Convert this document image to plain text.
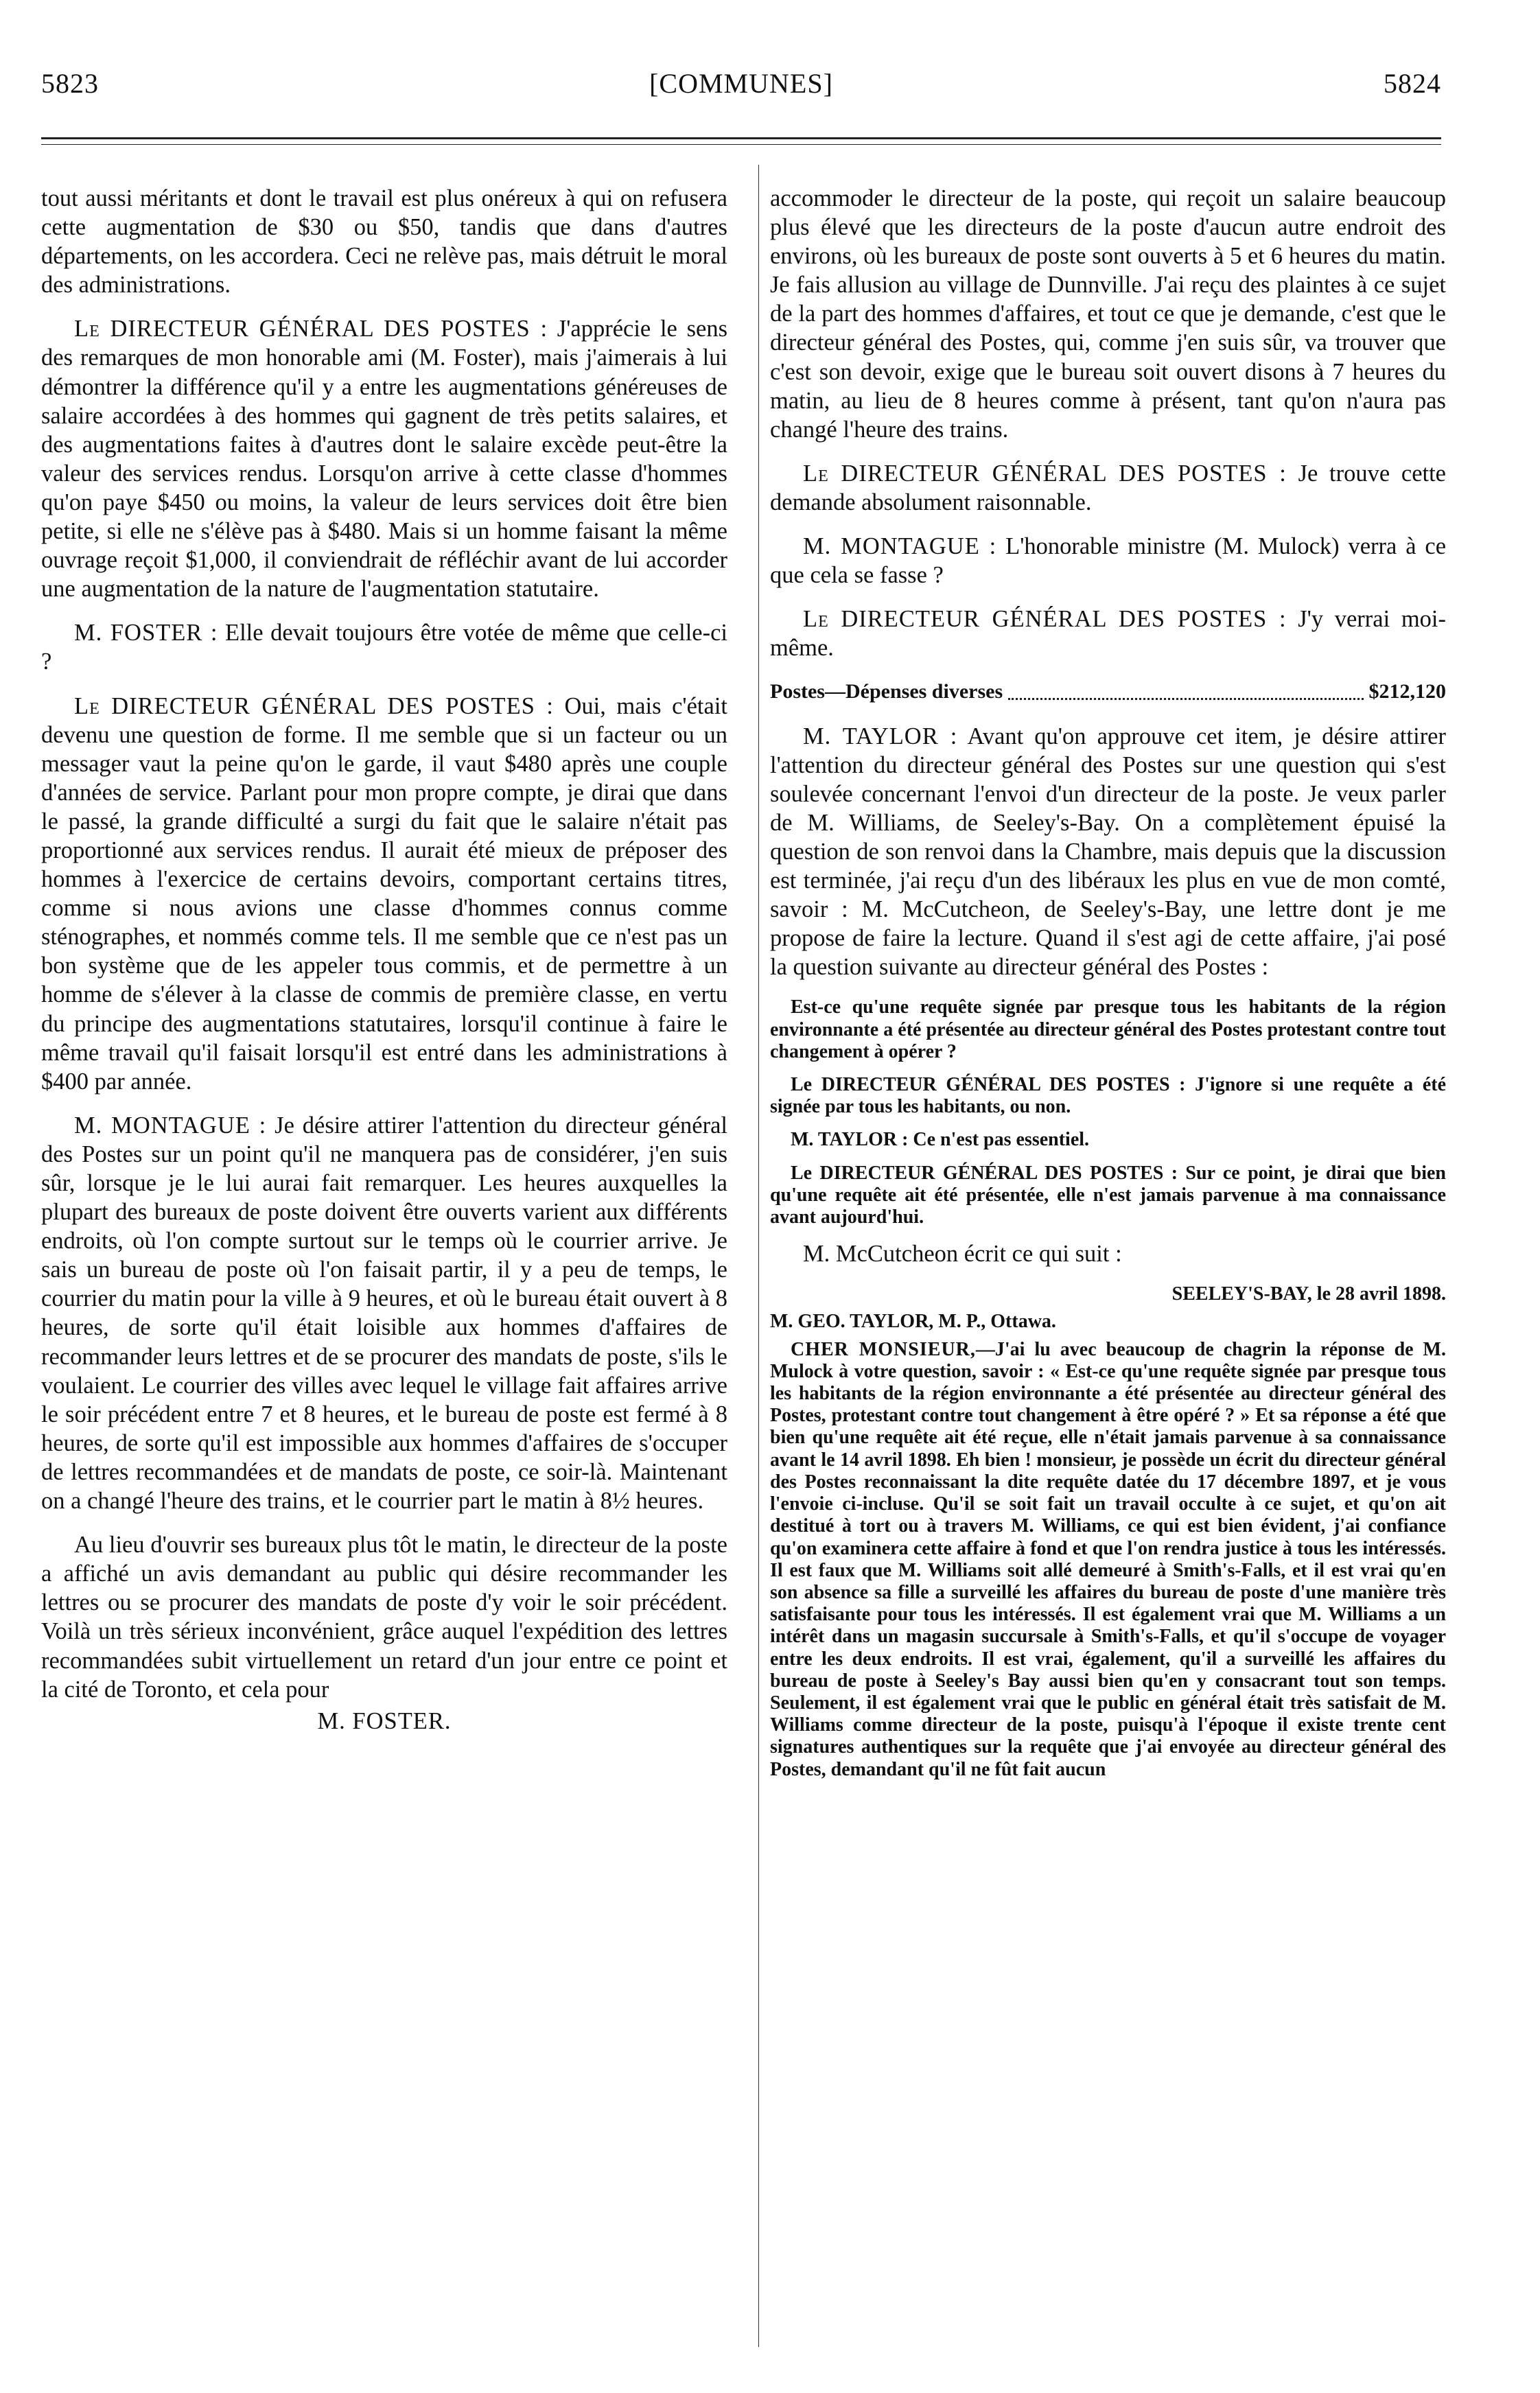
5823	[COMMUNES]	5824

tout aussi méritants et dont le travail est plus onéreux à qui on refusera cette augmentation de $30 ou $50, tandis que dans d'autres départements, on les accordera. Ceci ne relève pas, mais détruit le moral des administrations.

Le DIRECTEUR GÉNÉRAL DES POSTES : J'apprécie le sens des remarques de mon honorable ami (M. Foster), mais j'aimerais à lui démontrer la différence qu'il y a entre les augmentations généreuses de salaire accordées à des hommes qui gagnent de très petits salaires, et des augmentations faites à d'autres dont le salaire excède peut-être la valeur des services rendus. Lorsqu'on arrive à cette classe d'hommes qu'on paye $450 ou moins, la valeur de leurs services doit être bien petite, si elle ne s'élève pas à $480. Mais si un homme faisant la même ouvrage reçoit $1,000, il conviendrait de réfléchir avant de lui accorder une augmentation de la nature de l'augmentation statutaire.

M. FOSTER : Elle devait toujours être votée de même que celle-ci ?

Le DIRECTEUR GÉNÉRAL DES POSTES : Oui, mais c'était devenu une question de forme. Il me semble que si un facteur ou un messager vaut la peine qu'on le garde, il vaut $480 après une couple d'années de service. Parlant pour mon propre compte, je dirai que dans le passé, la grande difficulté a surgi du fait que le salaire n'était pas proportionné aux services rendus. Il aurait été mieux de préposer des hommes à l'exercice de certains devoirs, comportant certains titres, comme si nous avions une classe d'hommes connus comme sténographes, et nommés comme tels. Il me semble que ce n'est pas un bon système que de les appeler tous commis, et de permettre à un homme de s'élever à la classe de commis de première classe, en vertu du principe des augmentations statutaires, lorsqu'il continue à faire le même travail qu'il faisait lorsqu'il est entré dans les administrations à $400 par année.

M. MONTAGUE : Je désire attirer l'attention du directeur général des Postes sur un point qu'il ne manquera pas de considérer, j'en suis sûr, lorsque je le lui aurai fait remarquer. Les heures auxquelles la plupart des bureaux de poste doivent être ouverts varient aux différents endroits, où l'on compte surtout sur le temps où le courrier arrive. Je sais un bureau de poste où l'on faisait partir, il y a peu de temps, le courrier du matin pour la ville à 9 heures, et où le bureau était ouvert à 8 heures, de sorte qu'il était loisible aux hommes d'affaires de recommander leurs lettres et de se procurer des mandats de poste, s'ils le voulaient. Le courrier des villes avec lequel le village fait affaires arrive le soir précédent entre 7 et 8 heures, et le bureau de poste est fermé à 8 heures, de sorte qu'il est impossible aux hommes d'affaires de s'occuper de lettres recommandées et de mandats de poste, ce soir-là. Maintenant on a changé l'heure des trains, et le courrier part le matin à 8½ heures.

Au lieu d'ouvrir ses bureaux plus tôt le matin, le directeur de la poste a affiché un avis demandant au public qui désire recommander les lettres ou se procurer des mandats de poste d'y voir le soir précédent. Voilà un très sérieux inconvénient, grâce auquel l'expédition des lettres recommandées subit virtuellement un retard d'un jour entre ce point et la cité de Toronto, et cela pour

M. FOSTER.

accommoder le directeur de la poste, qui reçoit un salaire beaucoup plus élevé que les directeurs de la poste d'aucun autre endroit des environs, où les bureaux de poste sont ouverts à 5 et 6 heures du matin. Je fais allusion au village de Dunnville. J'ai reçu des plaintes à ce sujet de la part des hommes d'affaires, et tout ce que je demande, c'est que le directeur général des Postes, qui, comme j'en suis sûr, va trouver que c'est son devoir, exige que le bureau soit ouvert disons à 7 heures du matin, au lieu de 8 heures comme à présent, tant qu'on n'aura pas changé l'heure des trains.

Le DIRECTEUR GÉNÉRAL DES POSTES : Je trouve cette demande absolument raisonnable.

M. MONTAGUE : L'honorable ministre (M. Mulock) verra à ce que cela se fasse ?

Le DIRECTEUR GÉNÉRAL DES POSTES : J'y verrai moi-même.

Postes—Dépenses diverses	$212,120

M. TAYLOR : Avant qu'on approuve cet item, je désire attirer l'attention du directeur général des Postes sur une question qui s'est soulevée concernant l'envoi d'un directeur de la poste. Je veux parler de M. Williams, de Seeley's-Bay. On a complètement épuisé la question de son renvoi dans la Chambre, mais depuis que la discussion est terminée, j'ai reçu d'un des libéraux les plus en vue de mon comté, savoir : M. McCutcheon, de Seeley's-Bay, une lettre dont je me propose de faire la lecture. Quand il s'est agi de cette affaire, j'ai posé la question suivante au directeur général des Postes :

Est-ce qu'une requête signée par presque tous les habitants de la région environnante a été présentée au directeur général des Postes protestant contre tout changement à opérer ?

Le DIRECTEUR GÉNÉRAL DES POSTES : J'ignore si une requête a été signée par tous les habitants, ou non.

M. TAYLOR : Ce n'est pas essentiel.

Le DIRECTEUR GÉNÉRAL DES POSTES : Sur ce point, je dirai que bien qu'une requête ait été présentée, elle n'est jamais parvenue à ma connaissance avant aujourd'hui.

M. McCutcheon écrit ce qui suit :

SEELEY'S-BAY, le 28 avril 1898.

M. GEO. TAYLOR, M. P., Ottawa.

CHER MONSIEUR,—J'ai lu avec beaucoup de chagrin la réponse de M. Mulock à votre question, savoir : « Est-ce qu'une requête signée par presque tous les habitants de la région environnante a été présentée au directeur général des Postes, protestant contre tout changement à être opéré ? » Et sa réponse a été que bien qu'une requête ait été reçue, elle n'était jamais parvenue à sa connaissance avant le 14 avril 1898. Eh bien ! monsieur, je possède un écrit du directeur général des Postes reconnaissant la dite requête datée du 17 décembre 1897, et je vous l'envoie ci-incluse. Qu'il se soit fait un travail occulte à ce sujet, et qu'on ait destitué à tort ou à travers M. Williams, ce qui est bien évident, j'ai confiance qu'on examinera cette affaire à fond et que l'on rendra justice à tous les intéressés. Il est faux que M. Williams soit allé demeuré à Smith's-Falls, et il est vrai qu'en son absence sa fille a surveillé les affaires du bureau de poste d'une manière très satisfaisante pour tous les intéressés. Il est également vrai que M. Williams a un intérêt dans un magasin succursale à Smith's-Falls, et qu'il s'occupe de voyager entre les deux endroits. Il est vrai, également, qu'il a surveillé les affaires du bureau de poste à Seeley's Bay aussi bien qu'en y consacrant tout son temps. Seulement, il est également vrai que le public en général était très satisfait de M. Williams comme directeur de la poste, puisqu'à l'époque il existe trente cent signatures authentiques sur la requête que j'ai envoyée au directeur général des Postes, demandant qu'il ne fût fait aucun
